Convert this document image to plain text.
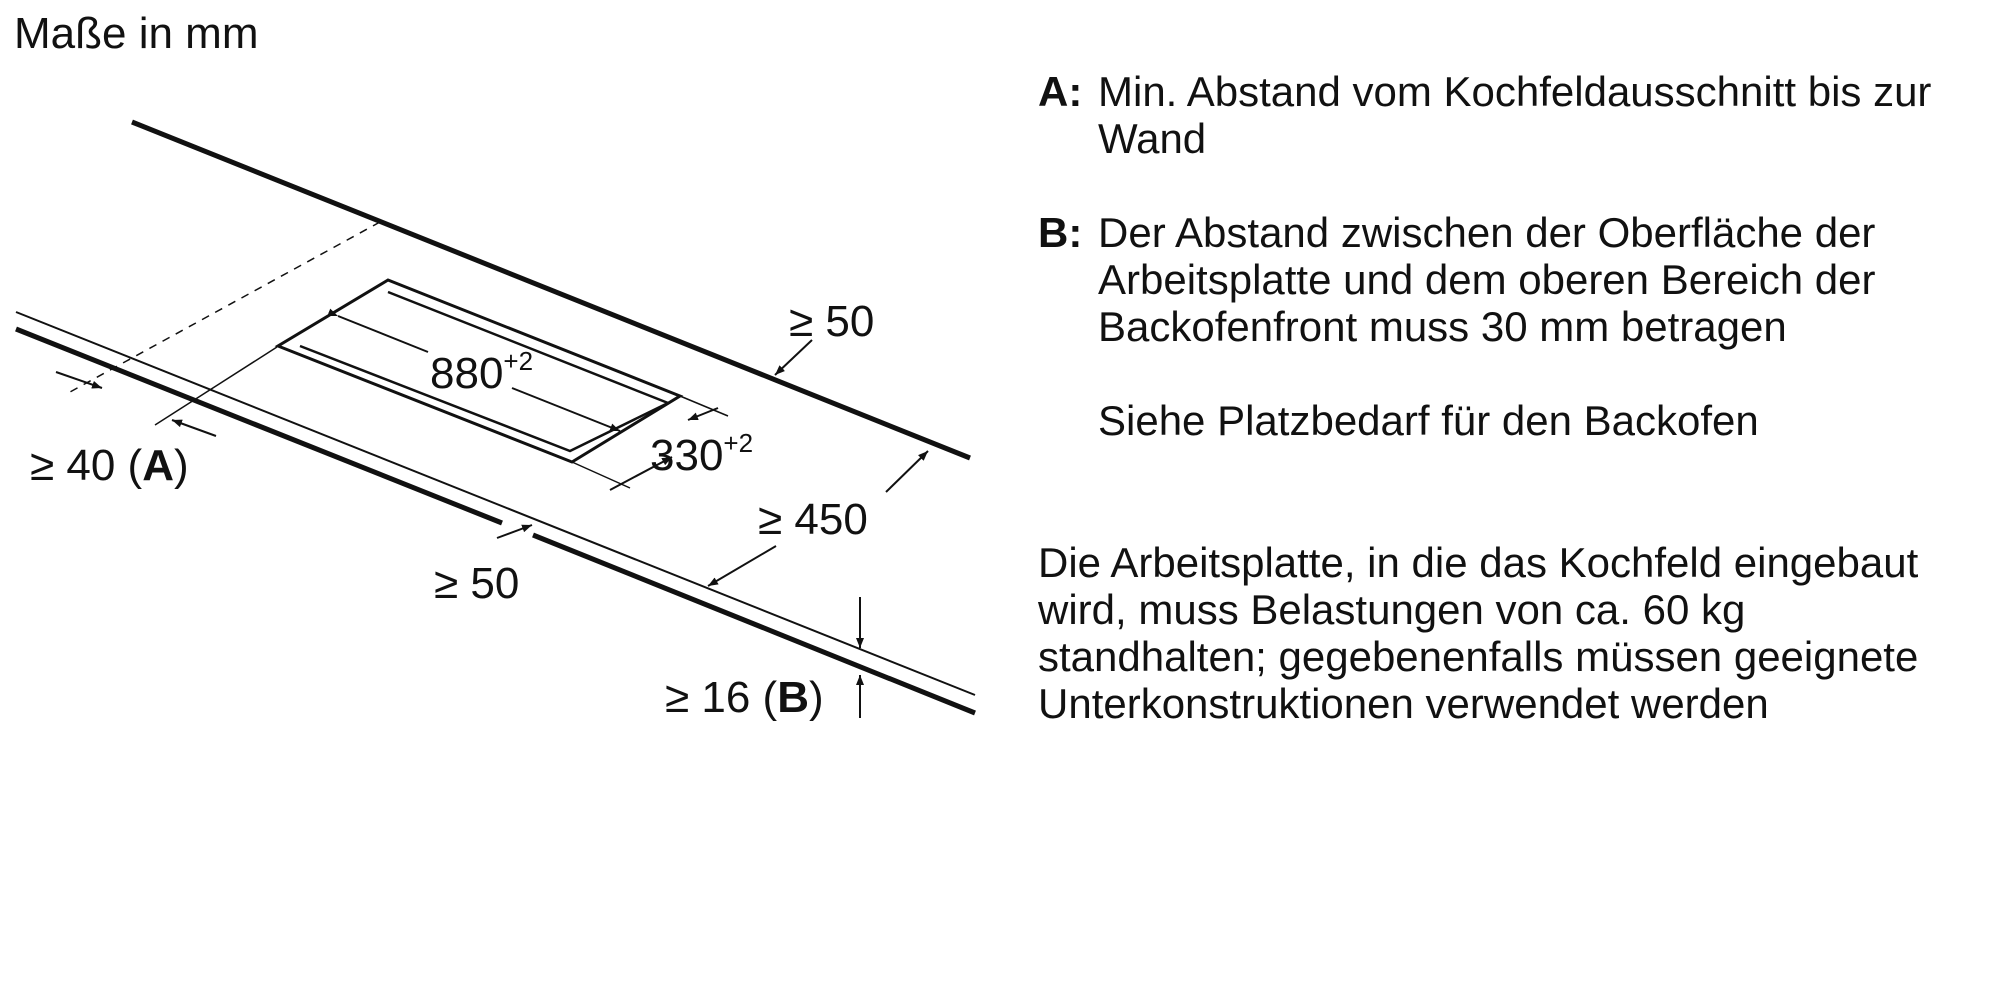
Maße in mm
$880^{+2}$
$330^{+2}$
≥ 50
≥ 40 (A)
≥ 450
≥ 50
≥ 16 (B)
A: Min. Abstand vom Kochfeldausschnitt bis zur Wand
B: Der Abstand zwischen der Oberfläche der Arbeitsplatte und dem oberen Bereich der Backofenfront muss 30 mm betragen
Siehe Platzbedarf für den Backofen
Die Arbeitsplatte, in die das Kochfeld eingebaut wird, muss Belastungen von ca. 60 kg standhalten; gegebenenfalls müssen geeignete Unterkonstruktionen verwendet werden
